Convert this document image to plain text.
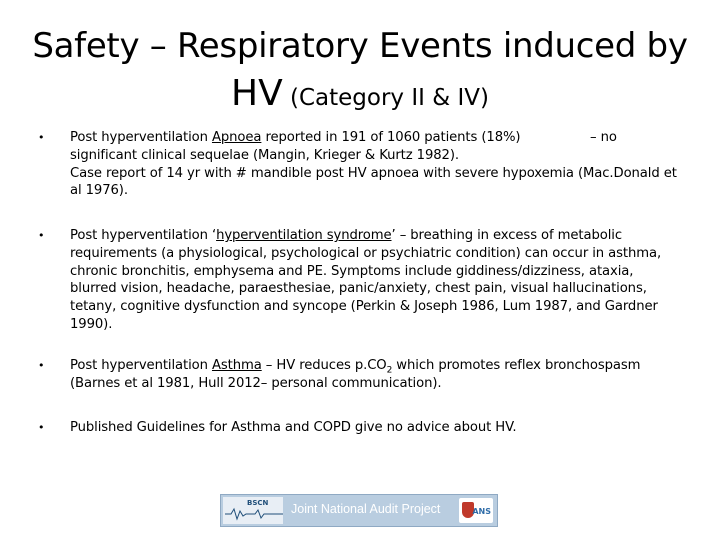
Safety – Respiratory Events induced by
HV (Category II & IV)
•	Post hyperventilation Apnoea reported in 191 of 1060 patients (18%)	– no significant clinical sequelae (Mangin, Krieger & Kurtz 1982).
Case report of 14 yr with # mandible post HV apnoea with severe hypoxemia (Mac.Donald et al 1976).
•	Post hyperventilation ‘hyperventilation syndrome’ – breathing in excess of metabolic requirements (a physiological, psychological or psychiatric condition) can occur in asthma, chronic bronchitis, emphysema and PE. Symptoms include giddiness/dizziness, ataxia, blurred vision, headache, paraesthesiae, panic/anxiety, chest pain, visual hallucinations, tetany, cognitive dysfunction and syncope (Perkin & Joseph 1986, Lum 1987, and Gardner 1990).
•	Post hyperventilation Asthma – HV reduces $p.CO_2$ which promotes reflex bronchospasm (Barnes et al 1981, Hull 2012– personal communication).
•	Published Guidelines for Asthma and COPD give no advice about HV.
BSCN Joint National Audit Project	ANS
